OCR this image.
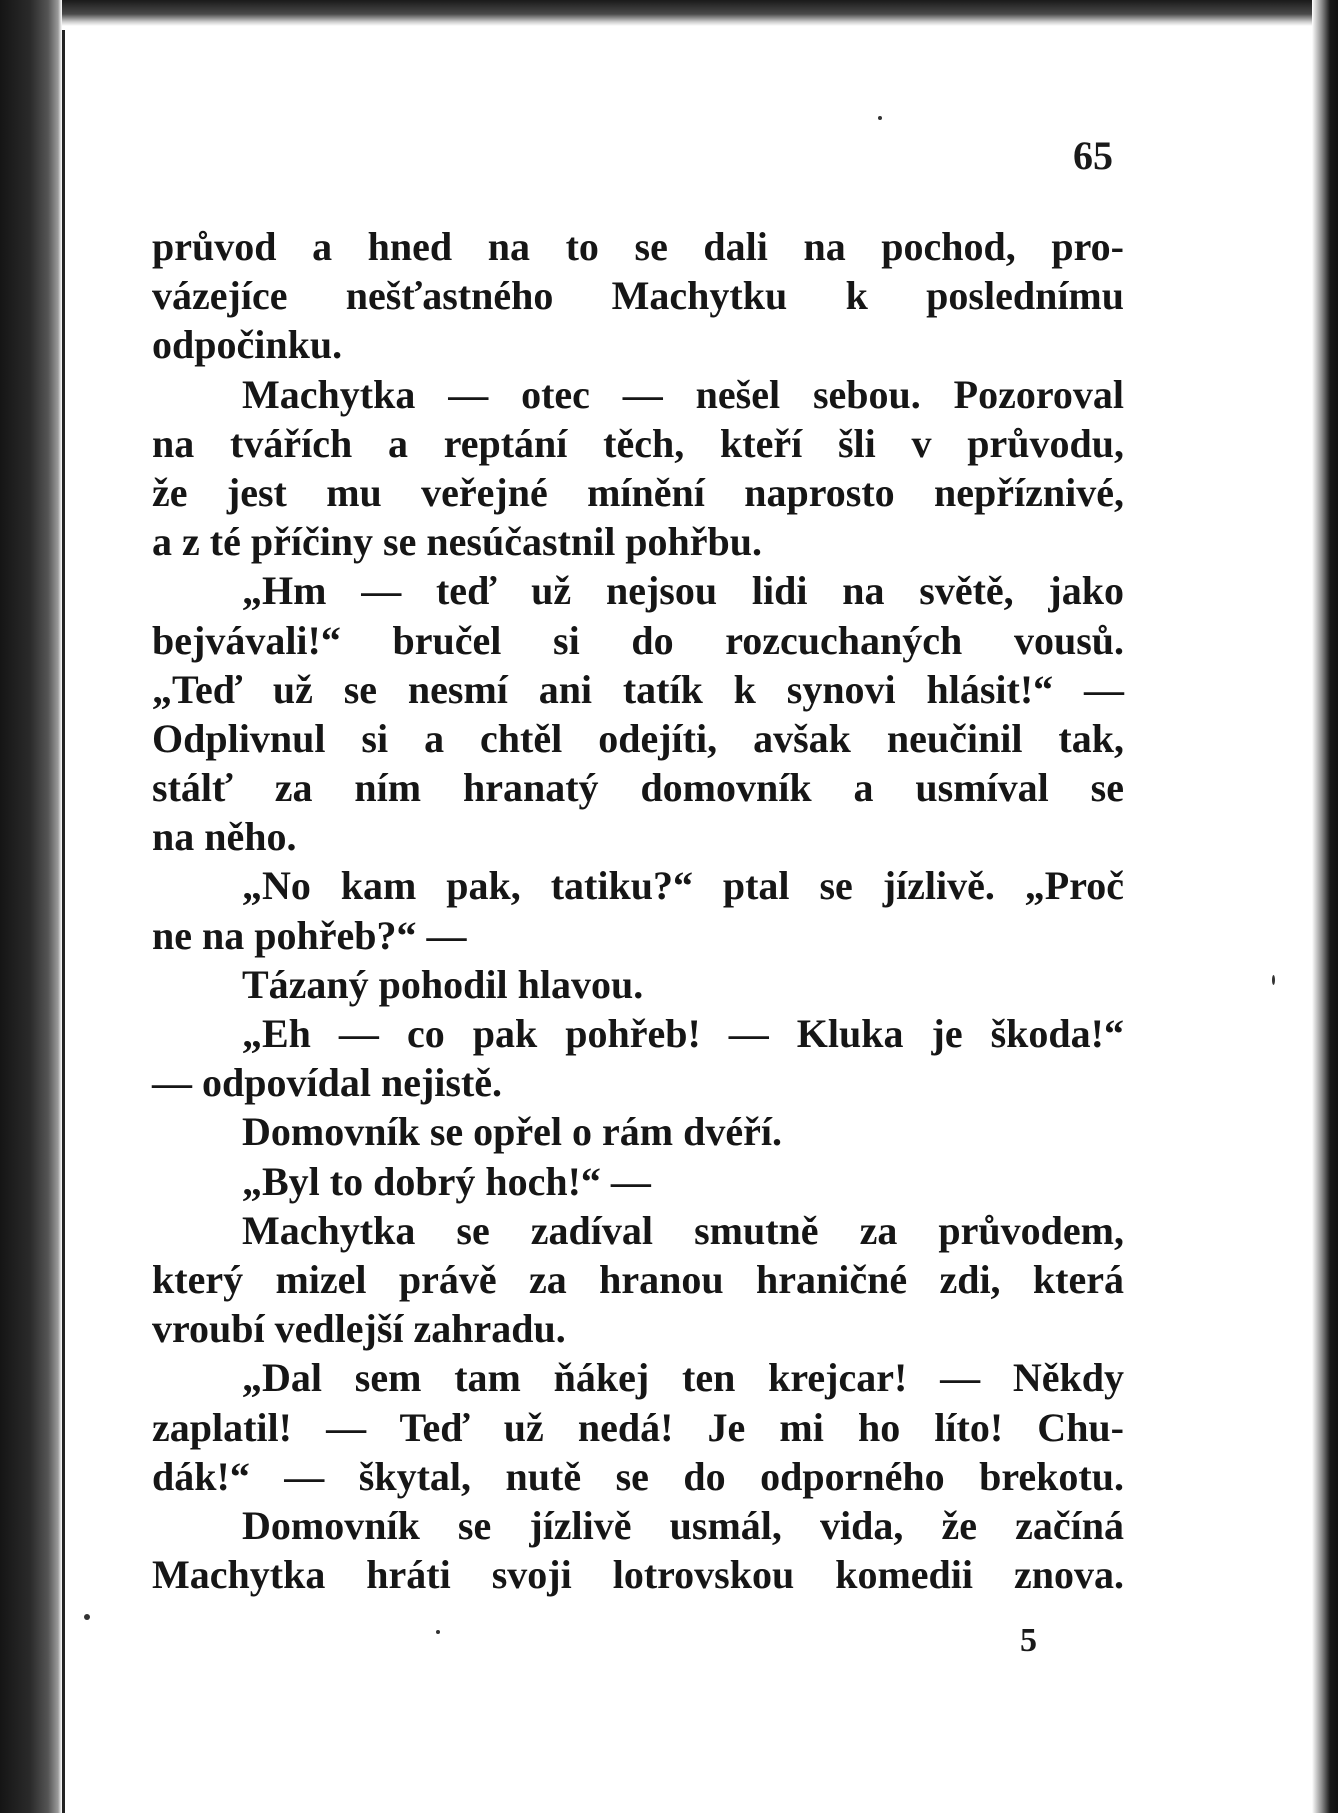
65
průvod a hned na to se dali na pochod, pro-
vázejíce nešťastného Machytku k poslednímu
odpočinku.
Machytka — otec — nešel sebou. Pozoroval
na tvářích a reptání těch, kteří šli v průvodu,
že jest mu veřejné mínění naprosto nepříznivé,
a z té příčiny se nesúčastnil pohřbu.
„Hm — teď už nejsou lidi na světě, jako
bejvávali!“ bručel si do rozcuchaných vousů.
„Teď už se nesmí ani tatík k synovi hlásit!“ —
Odplivnul si a chtěl odejíti, avšak neučinil tak,
stálť za ním hranatý domovník a usmíval se
na něho.
„No kam pak, tatiku?“ ptal se jízlivě. „Proč
ne na pohřeb?“ —
Tázaný pohodil hlavou.
„Eh — co pak pohřeb! — Kluka je škoda!“
— odpovídal nejistě.
Domovník se opřel o rám dvéří.
„Byl to dobrý hoch!“ —
Machytka se zadíval smutně za průvodem,
který mizel právě za hranou hraničné zdi, která
vroubí vedlejší zahradu.
„Dal sem tam ňákej ten krejcar! — Někdy
zaplatil! — Teď už nedá! Je mi ho líto! Chu-
dák!“ — škytal, nutě se do odporného brekotu.
Domovník se jízlivě usmál, vida, že začíná
Machytka hráti svoji lotrovskou komedii znova.
5
